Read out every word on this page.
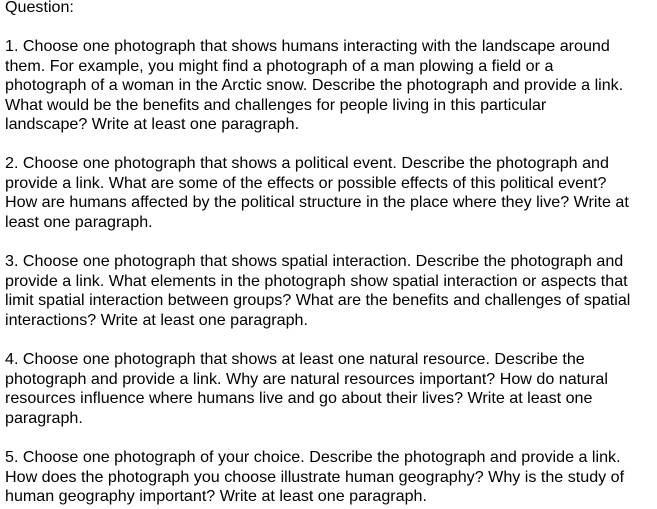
Question:
1. Choose one photograph that shows humans interacting with the landscape around
them. For example, you might find a photograph of a man plowing a field or a
photograph of a woman in the Arctic snow. Describe the photograph and provide a link.
What would be the benefits and challenges for people living in this particular
landscape? Write at least one paragraph.
2. Choose one photograph that shows a political event. Describe the photograph and
provide a link. What are some of the effects or possible effects of this political event?
How are humans affected by the political structure in the place where they live? Write at
least one paragraph.
3. Choose one photograph that shows spatial interaction. Describe the photograph and
provide a link. What elements in the photograph show spatial interaction or aspects that
limit spatial interaction between groups? What are the benefits and challenges of spatial
interactions? Write at least one paragraph.
4. Choose one photograph that shows at least one natural resource. Describe the
photograph and provide a link. Why are natural resources important? How do natural
resources influence where humans live and go about their lives? Write at least one
paragraph.
5. Choose one photograph of your choice. Describe the photograph and provide a link.
How does the photograph you choose illustrate human geography? Why is the study of
human geography important? Write at least one paragraph.
